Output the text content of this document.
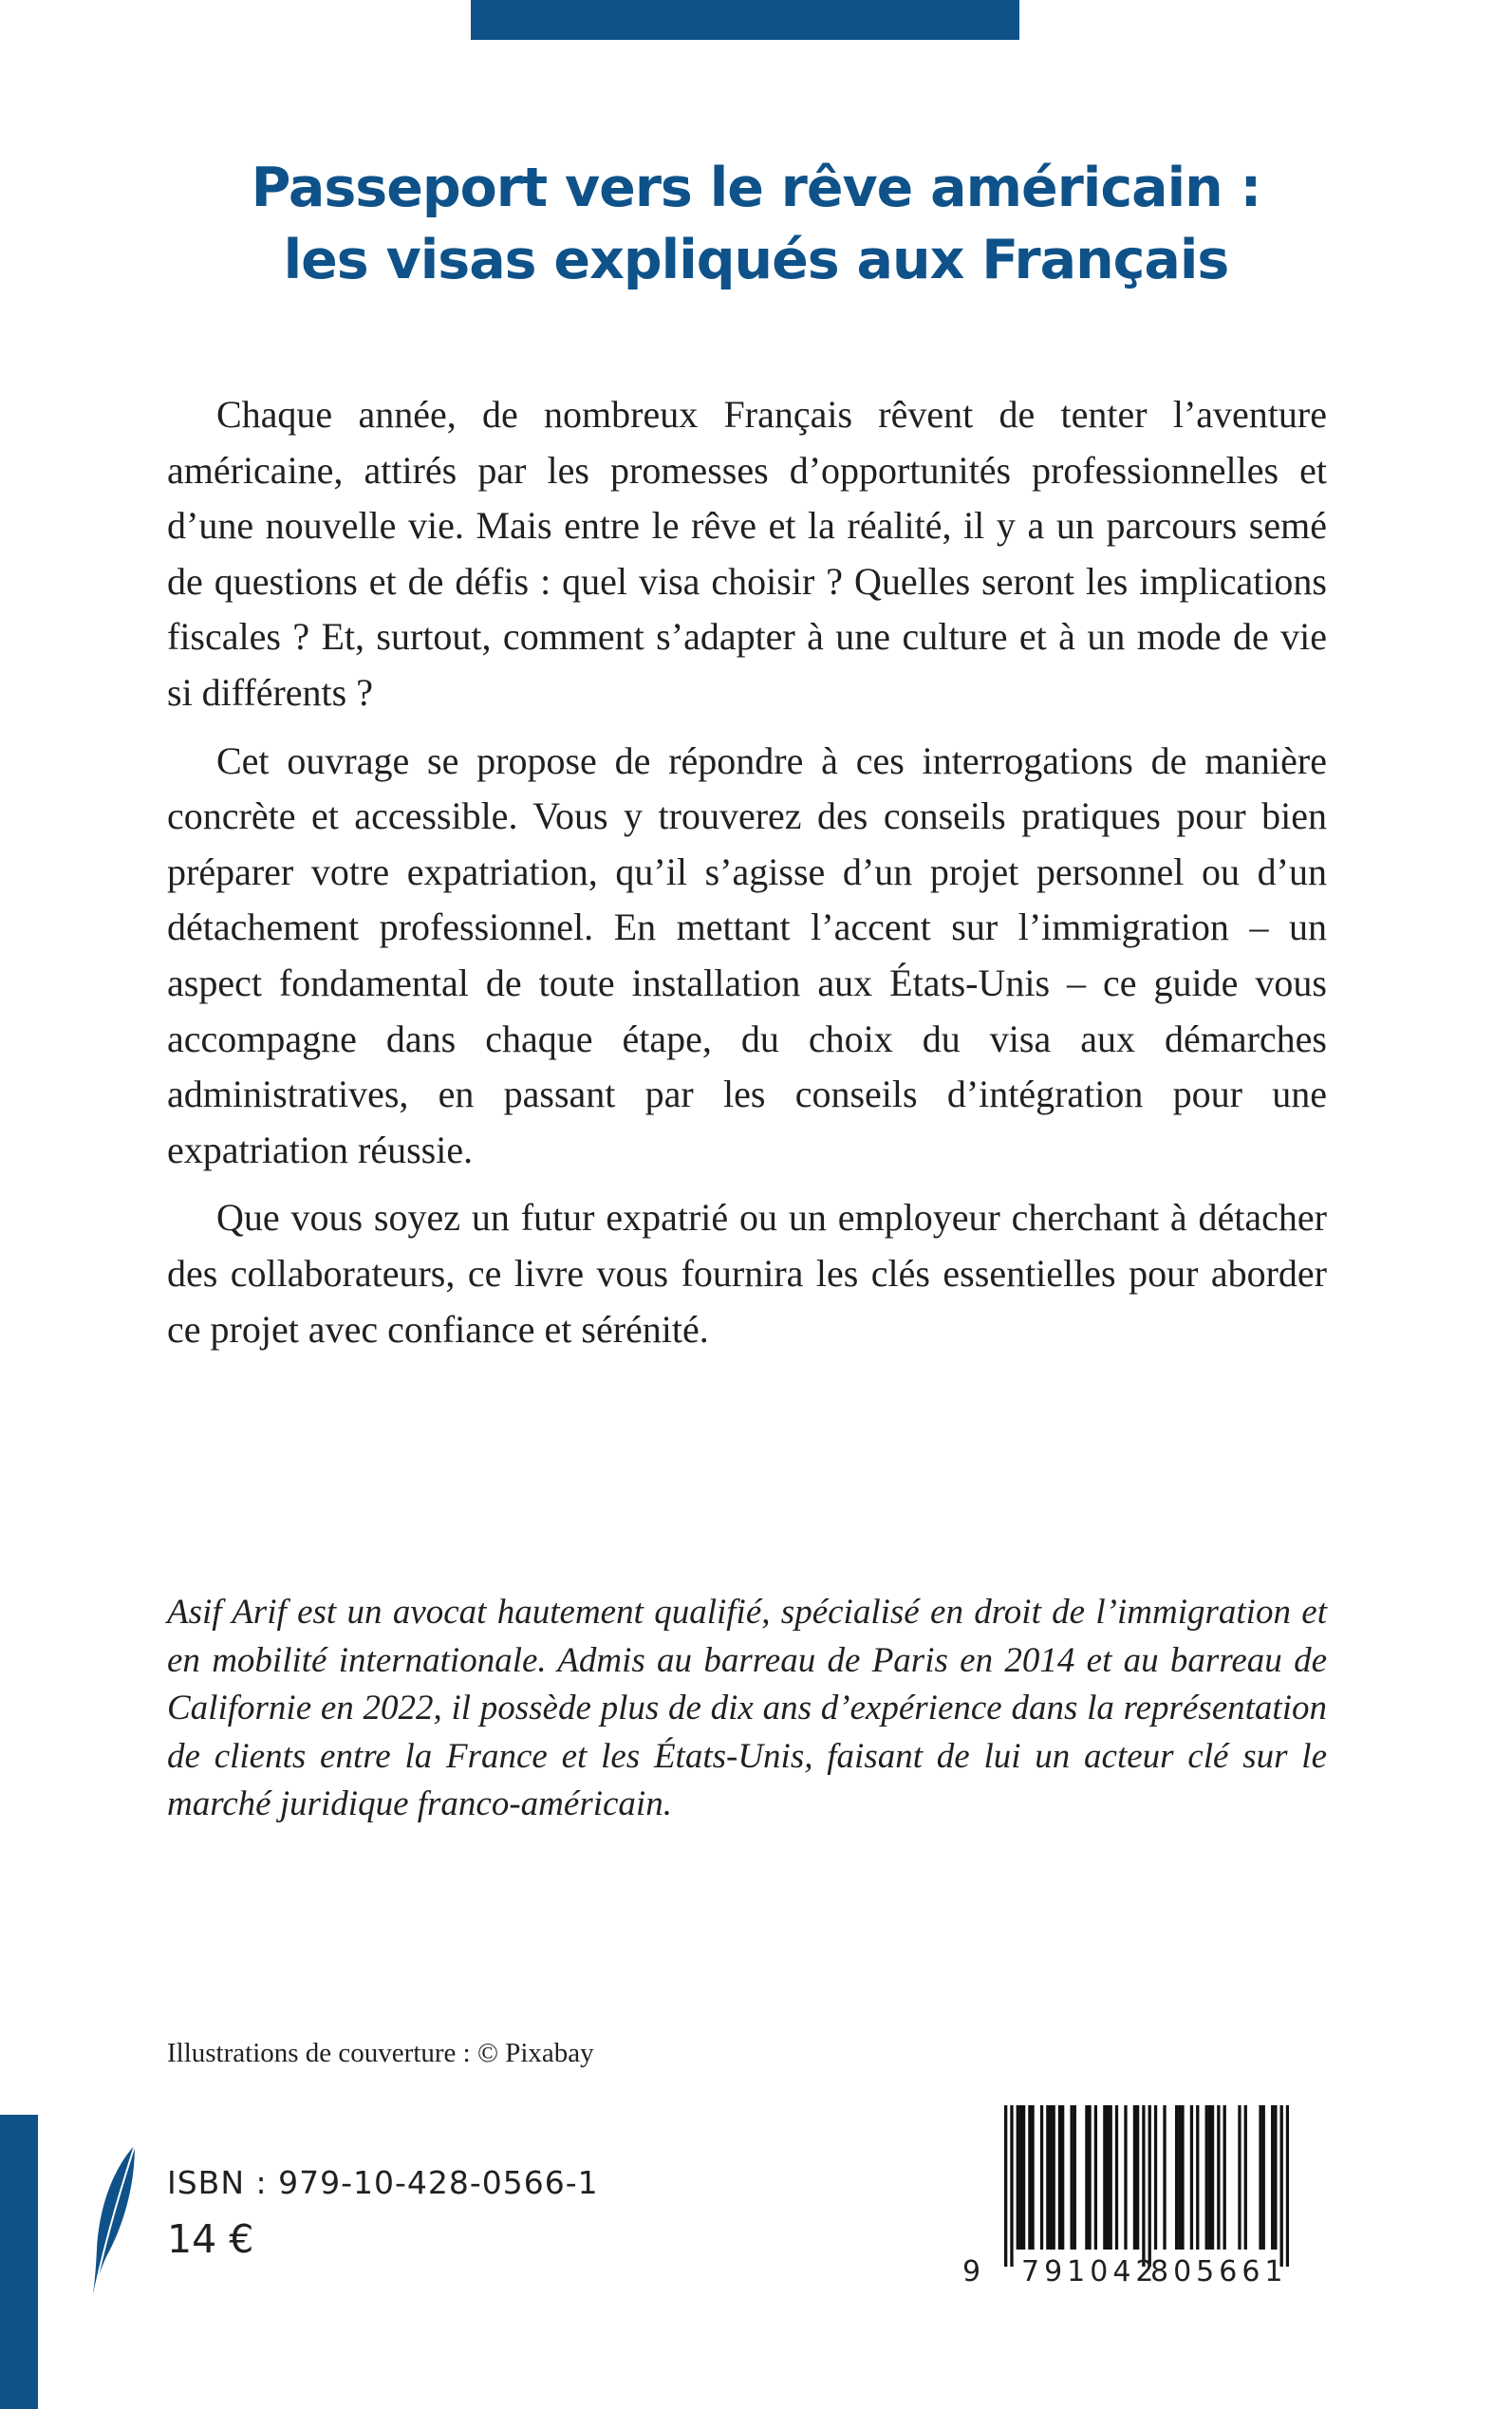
Passeport vers le rêve américain :
les visas expliqués aux Français

Chaque année, de nombreux Français rêvent de tenter l’aventure américaine, attirés par les promesses d’opportunités professionnelles et d’une nouvelle vie. Mais entre le rêve et la réalité, il y a un parcours semé de questions et de défis : quel visa choisir ? Quelles seront les implications fiscales ? Et, surtout, comment s’adapter à une culture et à un mode de vie si différents ?

Cet ouvrage se propose de répondre à ces interrogations de manière concrète et accessible. Vous y trouverez des conseils pratiques pour bien préparer votre expatriation, qu’il s’agisse d’un projet personnel ou d’un détachement professionnel. En mettant l’accent sur l’immigration – un aspect fondamental de toute installation aux États-Unis – ce guide vous accompagne dans chaque étape, du choix du visa aux démarches administratives, en passant par les conseils d’intégration pour une expatriation réussie.

Que vous soyez un futur expatrié ou un employeur cherchant à détacher des collaborateurs, ce livre vous fournira les clés essentielles pour aborder ce projet avec confiance et sérénité.

Asif Arif est un avocat hautement qualifié, spécialisé en droit de l’immigration et en mobilité internationale. Admis au barreau de Paris en 2014 et au barreau de Californie en 2022, il possède plus de dix ans d’expérience dans la représentation de clients entre la France et les États-Unis, faisant de lui un acteur clé sur le marché juridique franco-américain.
Illustrations de couverture : © Pixabay
ISBN : 979-10-428-0566-1
14 €
9 791042
805661
